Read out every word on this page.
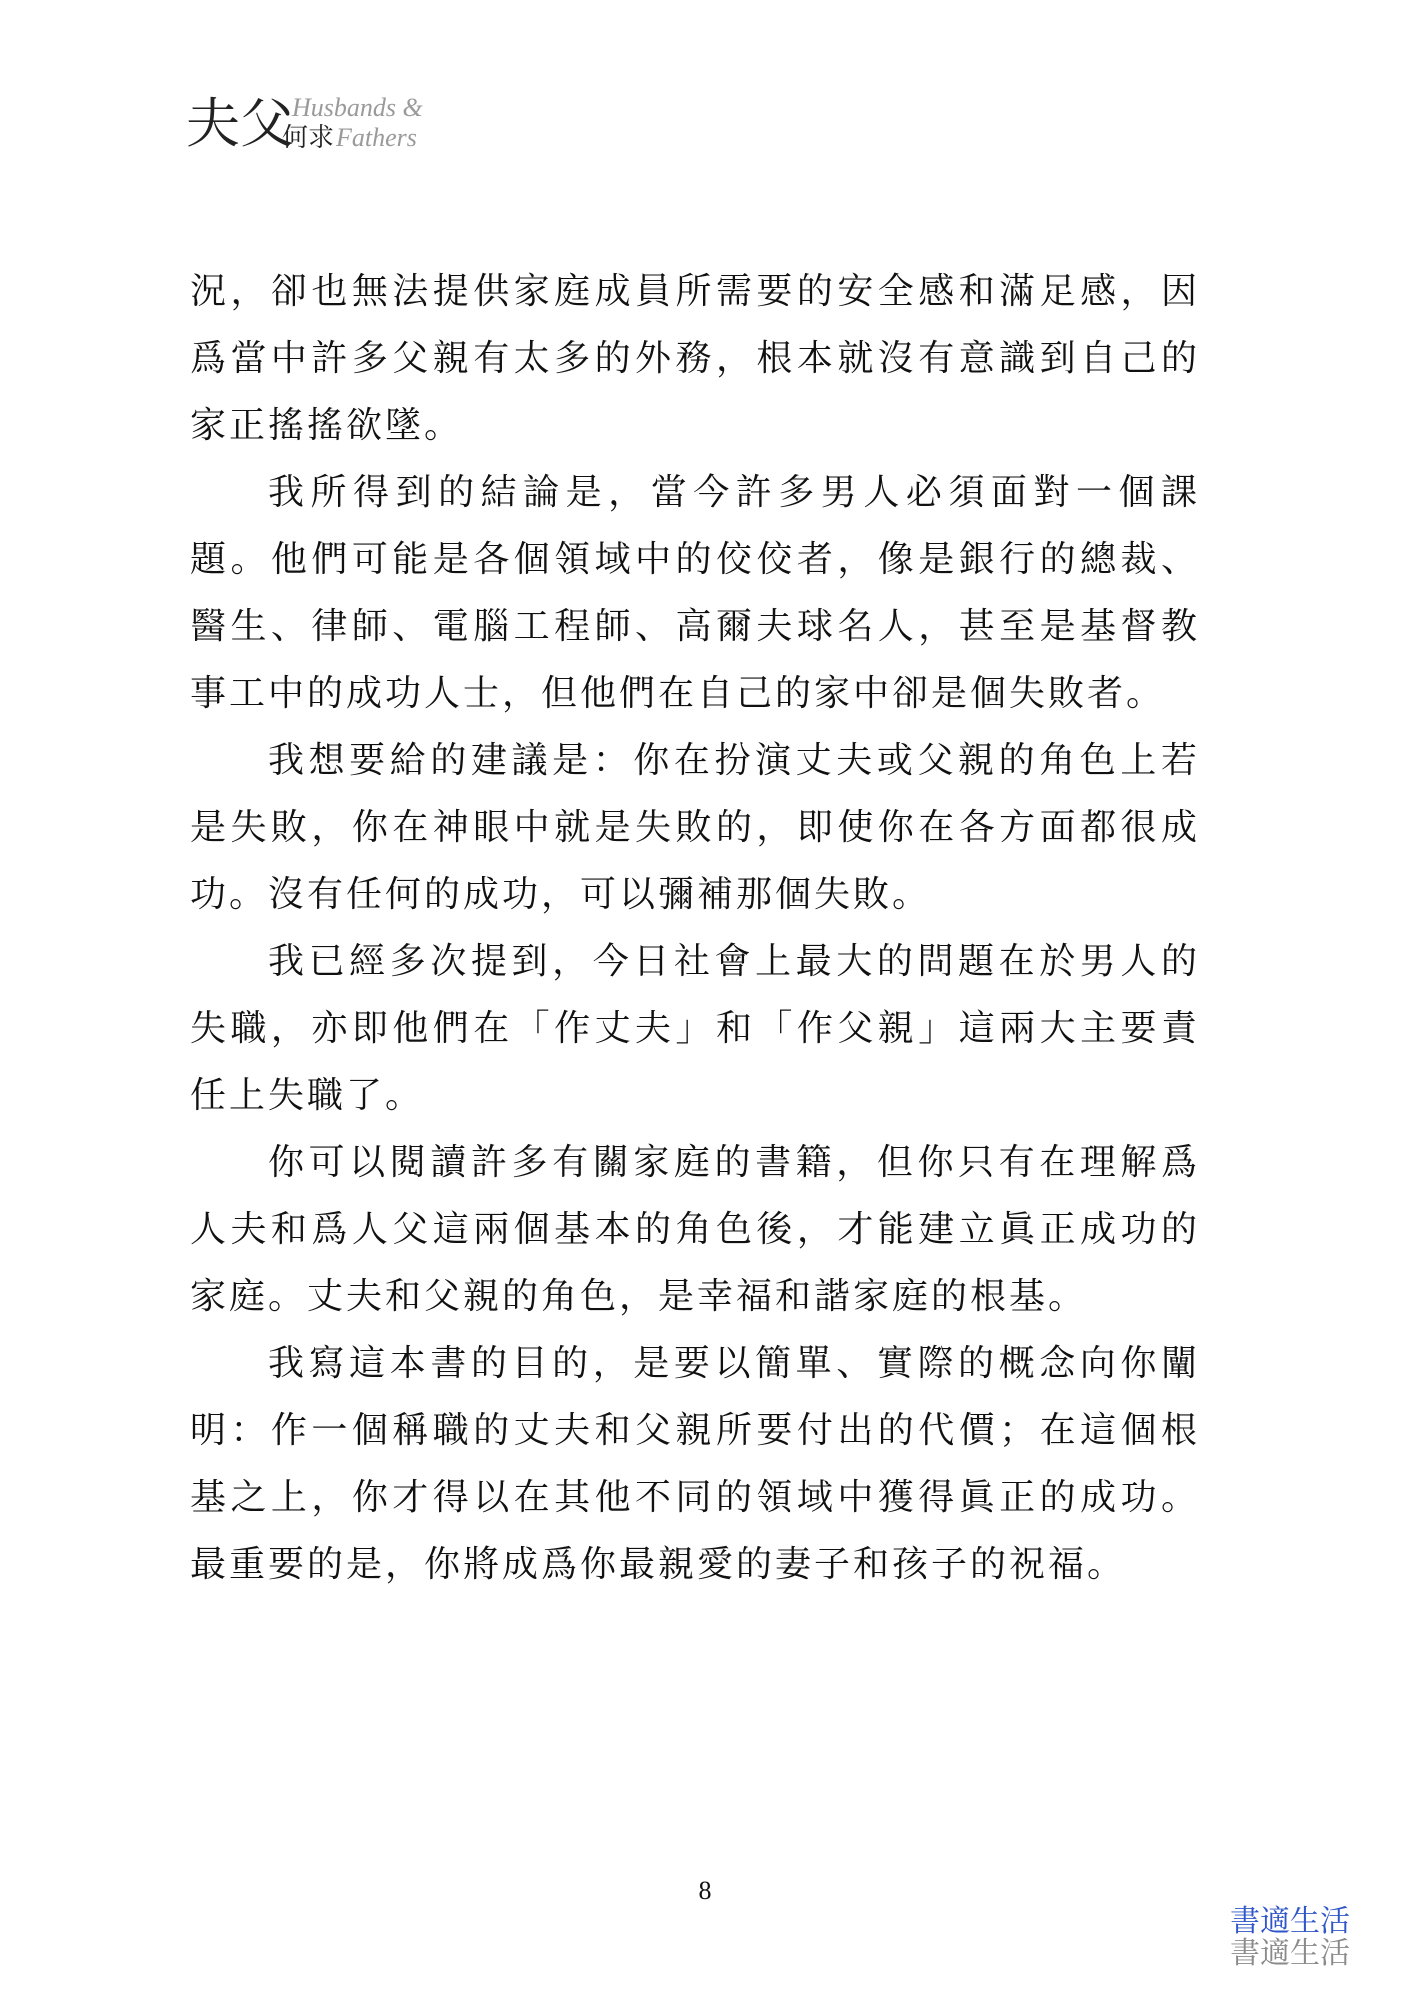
夫父
Husbands &
何求 Fathers

況，卻也無法提供家庭成員所需要的安全感和滿足感，因爲當中許多父親有太多的外務，根本就沒有意識到自己的家正搖搖欲墜。

我所得到的結論是，當今許多男人必須面對一個課題。他們可能是各個領域中的佼佼者，像是銀行的總裁、醫生、律師、電腦工程師、高爾夫球名人，甚至是基督教事工中的成功人士，但他們在自己的家中卻是個失敗者。

我想要給的建議是：你在扮演丈夫或父親的角色上若是失敗，你在神眼中就是失敗的，即使你在各方面都很成功。沒有任何的成功，可以彌補那個失敗。

我已經多次提到，今日社會上最大的問題在於男人的失職，亦即他們在「作丈夫」和「作父親」這兩大主要責任上失職了。

你可以閱讀許多有關家庭的書籍，但你只有在理解爲人夫和爲人父這兩個基本的角色後，才能建立眞正成功的家庭。丈夫和父親的角色，是幸福和諧家庭的根基。

我寫這本書的目的，是要以簡單、實際的概念向你闡明：作一個稱職的丈夫和父親所要付出的代價；在這個根基之上，你才得以在其他不同的領域中獲得眞正的成功。最重要的是，你將成爲你最親愛的妻子和孩子的祝福。

8
書適生活
書適生活
